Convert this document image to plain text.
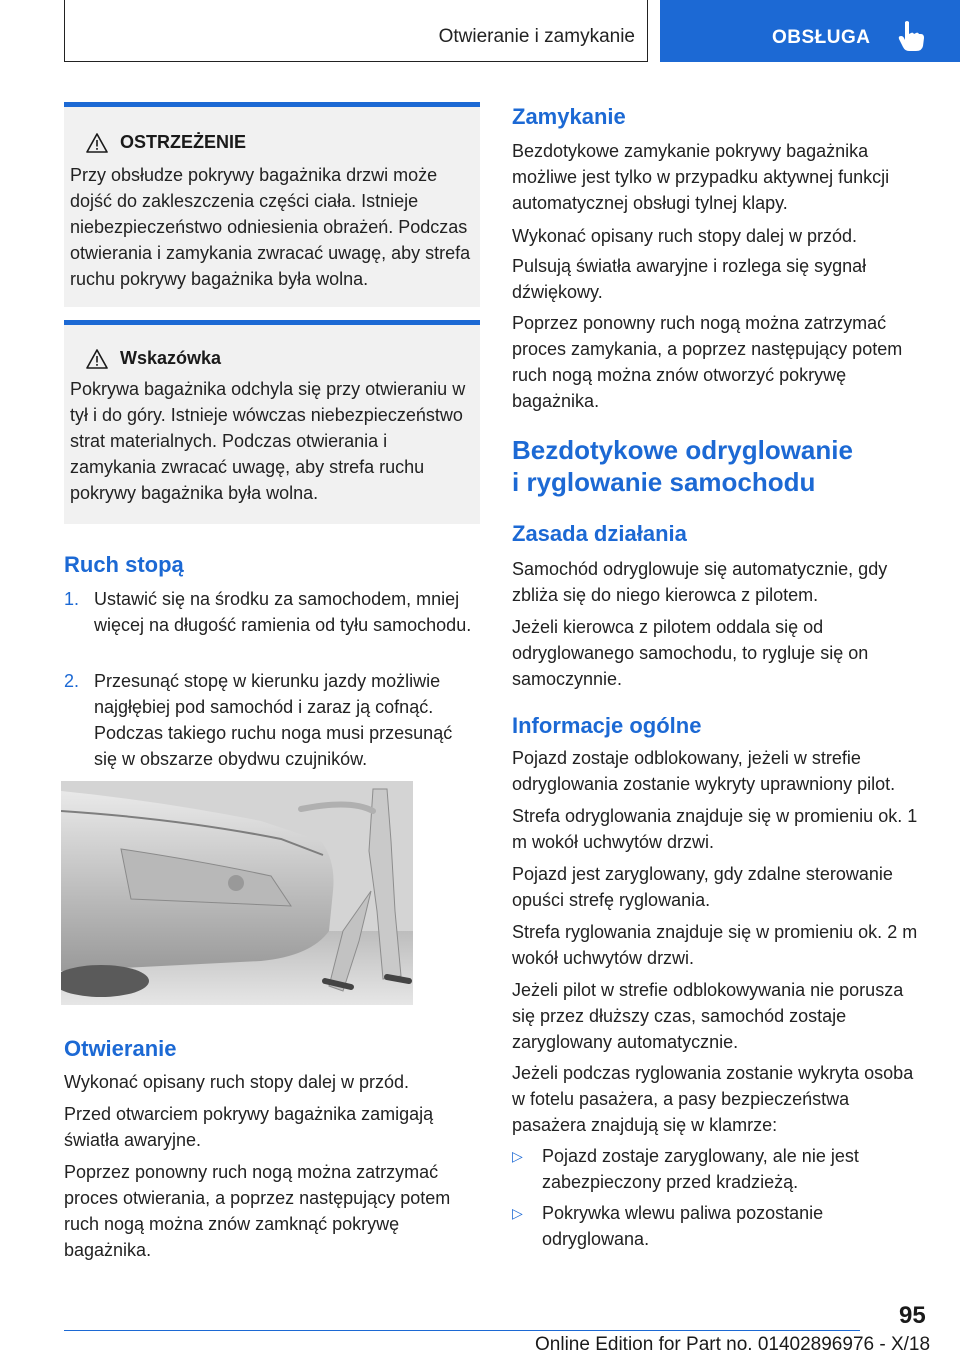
Otwieranie i zamykanie	OBSŁUGA
OSTRZEŻENIE
Przy obsłudze pokrywy bagażnika drzwi może dojść do zakleszczenia części ciała. Istnieje niebezpieczeństwo odniesienia obrażeń. Podczas otwierania i zamykania zwracać uwagę, aby strefa ruchu pokrywy bagażnika była wolna.
Wskazówka
Pokrywa bagażnika odchyla się przy otwieraniu w tył i do góry. Istnieje wówczas niebezpieczeństwo strat materialnych. Podczas otwierania i zamykania zwracać uwagę, aby strefa ruchu pokrywy bagażnika była wolna.
Ruch stopą
1. Ustawić się na środku za samochodem, mniej więcej na długość ramienia od tyłu samochodu.
2. Przesunąć stopę w kierunku jazdy możliwie najgłębiej pod samochód i zaraz ją cofnąć. Podczas takiego ruchu noga musi przesunąć się w obszarze obydwu czujników.
Otwieranie
Wykonać opisany ruch stopy dalej w przód.
Przed otwarciem pokrywy bagażnika zamigają światła awaryjne.
Poprzez ponowny ruch nogą można zatrzymać proces otwierania, a poprzez następujący potem ruch nogą można znów zamknąć pokrywę bagażnika.
Zamykanie
Bezdotykowe zamykanie pokrywy bagażnika możliwe jest tylko w przypadku aktywnej funkcji automatycznej obsługi tylnej klapy.
Wykonać opisany ruch stopy dalej w przód.
Pulsują światła awaryjne i rozlega się sygnał dźwiękowy.
Poprzez ponowny ruch nogą można zatrzymać proces zamykania, a poprzez następujący potem ruch nogą można znów otworzyć pokrywę bagażnika.
Bezdotykowe odryglowanie
i ryglowanie samochodu
Zasada działania
Samochód odryglowuje się automatycznie, gdy zbliża się do niego kierowca z pilotem.
Jeżeli kierowca z pilotem oddala się od odryglowanego samochodu, to rygluje się on samoczynnie.
Informacje ogólne
Pojazd zostaje odblokowany, jeżeli w strefie odryglowania zostanie wykryty uprawniony pilot.
Strefa odryglowania znajduje się w promieniu ok. 1 m wokół uchwytów drzwi.
Pojazd jest zaryglowany, gdy zdalne sterowanie opuści strefę ryglowania.
Strefa ryglowania znajduje się w promieniu ok. 2 m wokół uchwytów drzwi.
Jeżeli pilot w strefie odblokowywania nie porusza się przez dłuższy czas, samochód zostaje zaryglowany automatycznie.
Jeżeli podczas ryglowania zostanie wykryta osoba w fotelu pasażera, a pasy bezpieczeństwa pasażera znajdują się w klamrze:
▷ Pojazd zostaje zaryglowany, ale nie jest zabezpieczony przed kradzieżą.
▷ Pokrywka wlewu paliwa pozostanie odryglowana.
95
Online Edition for Part no. 01402896976 - X/18
